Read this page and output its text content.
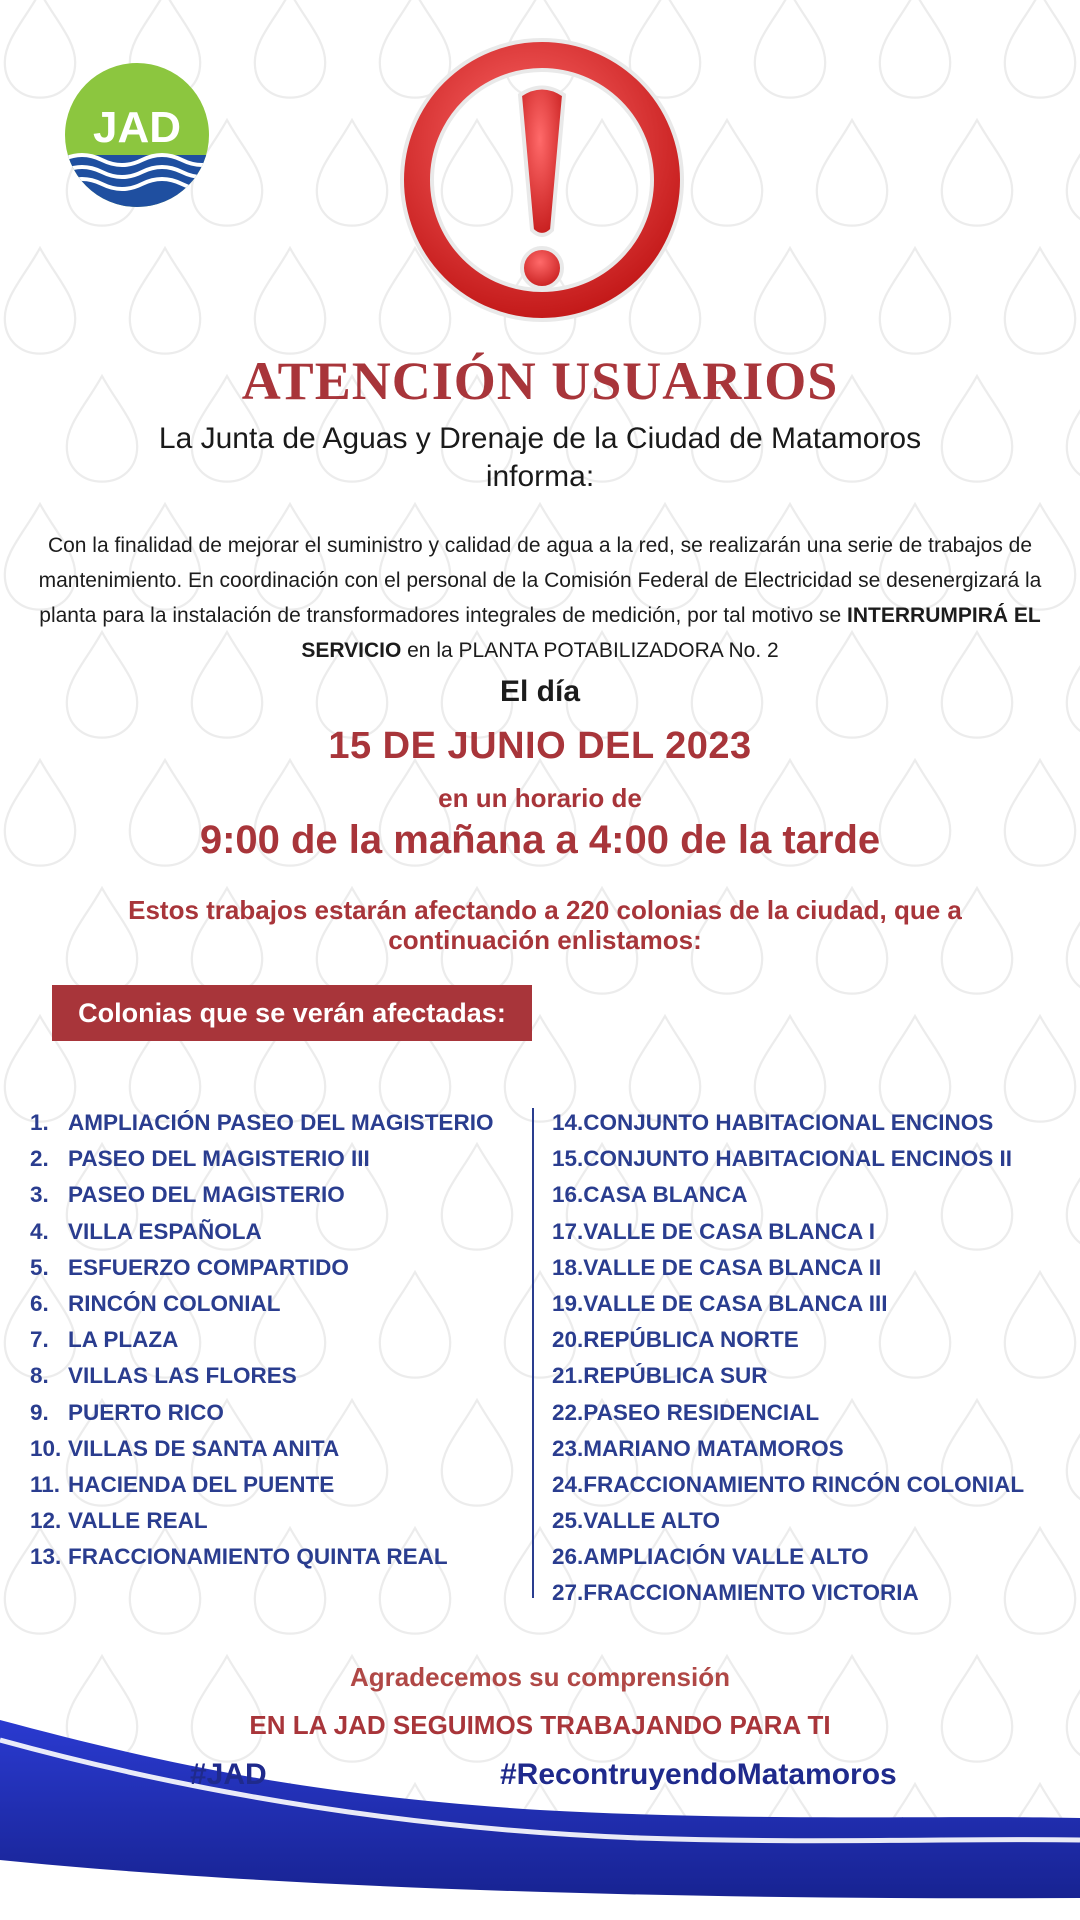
JAD
ATENCIÓN USUARIOS
La Junta de Aguas y Drenaje de la Ciudad de Matamoros
informa:
Con la finalidad de mejorar el suministro y calidad de agua a la red, se realizarán una serie de trabajos de mantenimiento. En coordinación con el personal de la Comisión Federal de Electricidad se desenergizará la planta para la instalación de transformadores integrales de medición, por tal motivo se INTERRUMPIRÁ EL SERVICIO en la PLANTA POTABILIZADORA No. 2
El día
15 DE JUNIO DEL 2023
en un horario de
9:00 de la mañana a 4:00 de la tarde
Estos trabajos estarán afectando a 220 colonias de la ciudad, que a
continuación enlistamos:
Colonias que se verán afectadas:
1. AMPLIACIÓN PASEO DEL MAGISTERIO
2. PASEO DEL MAGISTERIO III
3. PASEO DEL MAGISTERIO
4. VILLA ESPAÑOLA
5. ESFUERZO COMPARTIDO
6. RINCÓN COLONIAL
7. LA PLAZA
8. VILLAS LAS FLORES
9. PUERTO RICO
10. VILLAS DE SANTA ANITA
11. HACIENDA DEL PUENTE
12. VALLE REAL
13. FRACCIONAMIENTO QUINTA REAL
14.CONJUNTO HABITACIONAL ENCINOS
15.CONJUNTO HABITACIONAL ENCINOS II
16.CASA BLANCA
17.VALLE DE CASA BLANCA I
18.VALLE DE CASA BLANCA II
19.VALLE DE CASA BLANCA III
20.REPÚBLICA NORTE
21.REPÚBLICA SUR
22.PASEO RESIDENCIAL
23.MARIANO MATAMOROS
24.FRACCIONAMIENTO RINCÓN COLONIAL
25.VALLE ALTO
26.AMPLIACIÓN VALLE ALTO
27.FRACCIONAMIENTO VICTORIA
Agradecemos su comprensión
EN LA JAD SEGUIMOS TRABAJANDO PARA TI
#JAD	#RecontruyendoMatamoros
